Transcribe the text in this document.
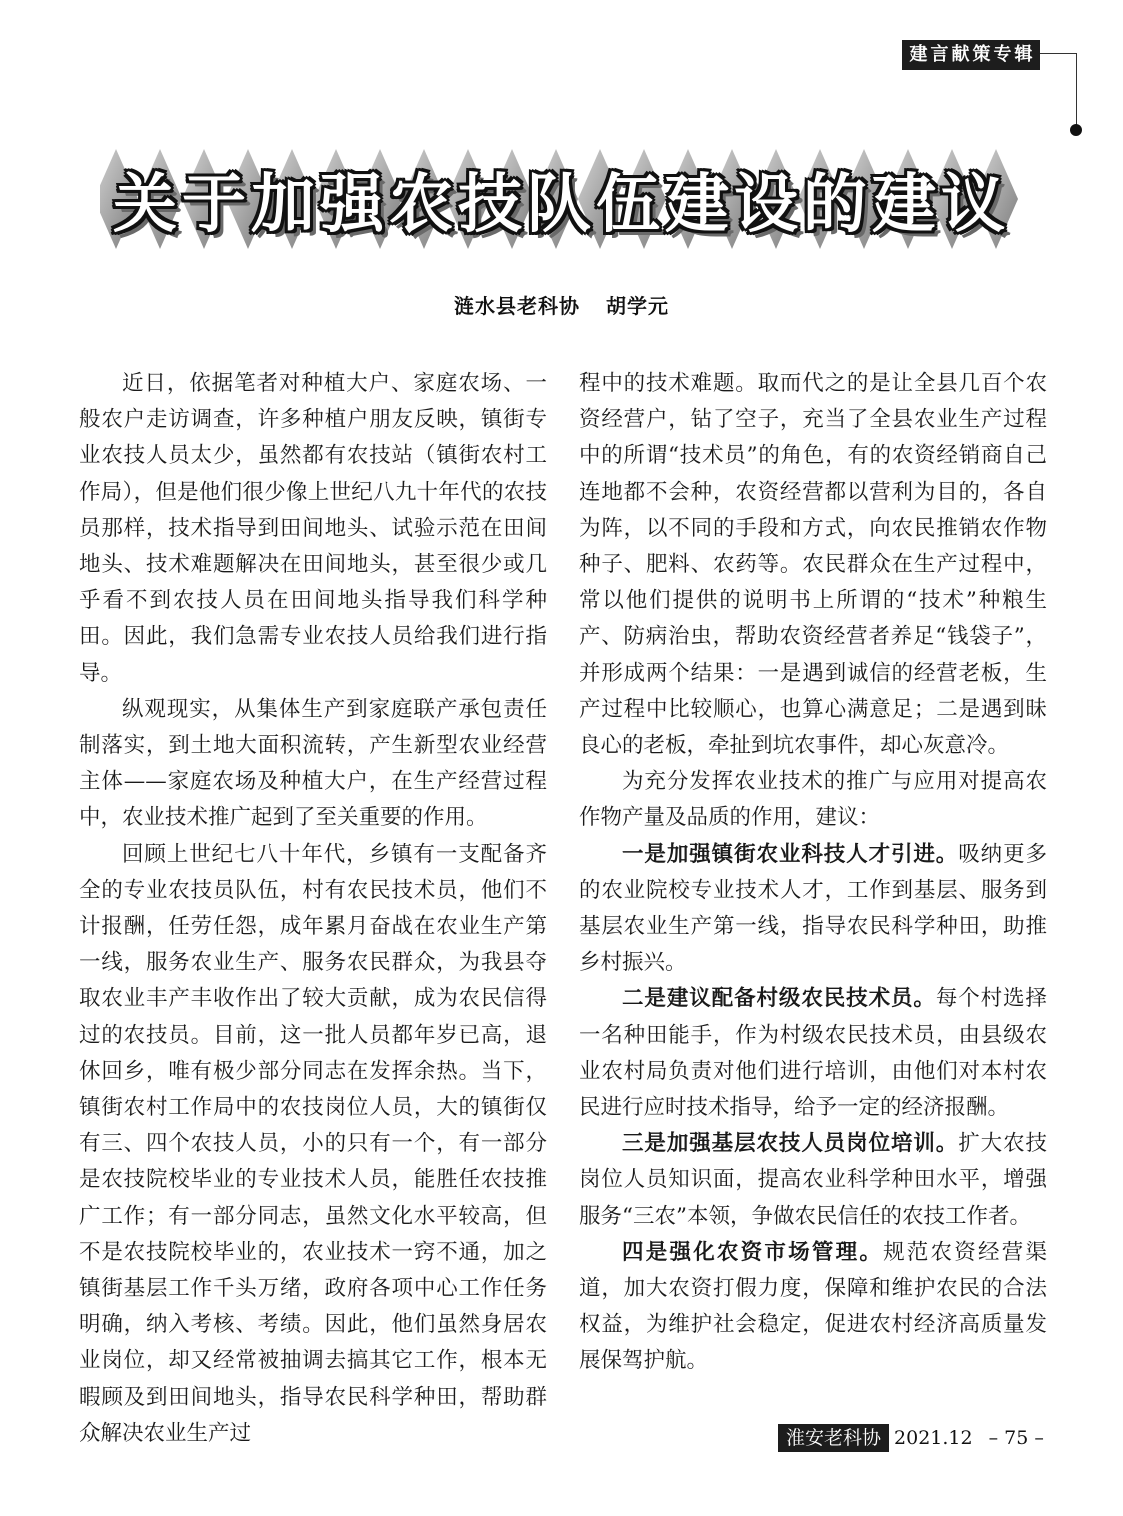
建言献策专辑
关于加强农技队伍建设的建议
涟水县老科协 胡学元

近日，依据笔者对种植大户、家庭农场、一般农户走访调查，许多种植户朋友反映，镇街专业农技人员太少，虽然都有农技站（镇街农村工作局），但是他们很少像上世纪八九十年代的农技员那样，技术指导到田间地头、试验示范在田间地头、技术难题解决在田间地头，甚至很少或几乎看不到农技人员在田间地头指导我们科学种田。因此，我们急需专业农技人员给我们进行指导。

纵观现实，从集体生产到家庭联产承包责任制落实，到土地大面积流转，产生新型农业经营主体——家庭农场及种植大户，在生产经营过程中，农业技术推广起到了至关重要的作用。

回顾上世纪七八十年代，乡镇有一支配备齐全的专业农技员队伍，村有农民技术员，他们不计报酬，任劳任怨，成年累月奋战在农业生产第一线，服务农业生产、服务农民群众，为我县夺取农业丰产丰收作出了较大贡献，成为农民信得过的农技员。目前，这一批人员都年岁已高，退休回乡，唯有极少部分同志在发挥余热。当下，镇街农村工作局中的农技岗位人员，大的镇街仅有三、四个农技人员，小的只有一个，有一部分是农技院校毕业的专业技术人员，能胜任农技推广工作；有一部分同志，虽然文化水平较高，但不是农技院校毕业的，农业技术一窍不通，加之镇街基层工作千头万绪，政府各项中心工作任务明确，纳入考核、考绩。因此，他们虽然身居农业岗位，却又经常被抽调去搞其它工作，根本无暇顾及到田间地头，指导农民科学种田，帮助群众解决农业生产过

程中的技术难题。取而代之的是让全县几百个农资经营户，钻了空子，充当了全县农业生产过程中的所谓“技术员”的角色，有的农资经销商自己连地都不会种，农资经营都以营利为目的，各自为阵，以不同的手段和方式，向农民推销农作物种子、肥料、农药等。农民群众在生产过程中，常以他们提供的说明书上所谓的“技术”种粮生产、防病治虫，帮助农资经营者养足“钱袋子”，并形成两个结果：一是遇到诚信的经营老板，生产过程中比较顺心，也算心满意足；二是遇到昧良心的老板，牵扯到坑农事件，却心灰意冷。

为充分发挥农业技术的推广与应用对提高农作物产量及品质的作用，建议：

一是加强镇街农业科技人才引进。吸纳更多的农业院校专业技术人才，工作到基层、服务到基层农业生产第一线，指导农民科学种田，助推乡村振兴。

二是建议配备村级农民技术员。每个村选择一名种田能手，作为村级农民技术员，由县级农业农村局负责对他们进行培训，由他们对本村农民进行应时技术指导，给予一定的经济报酬。

三是加强基层农技人员岗位培训。扩大农技岗位人员知识面，提高农业科学种田水平，增强服务“三农”本领，争做农民信任的农技工作者。

四是强化农资市场管理。规范农资经营渠道，加大农资打假力度，保障和维护农民的合法权益，为维护社会稳定，促进农村经济高质量发展保驾护航。

淮安老科协 2021.12 – 75 –
